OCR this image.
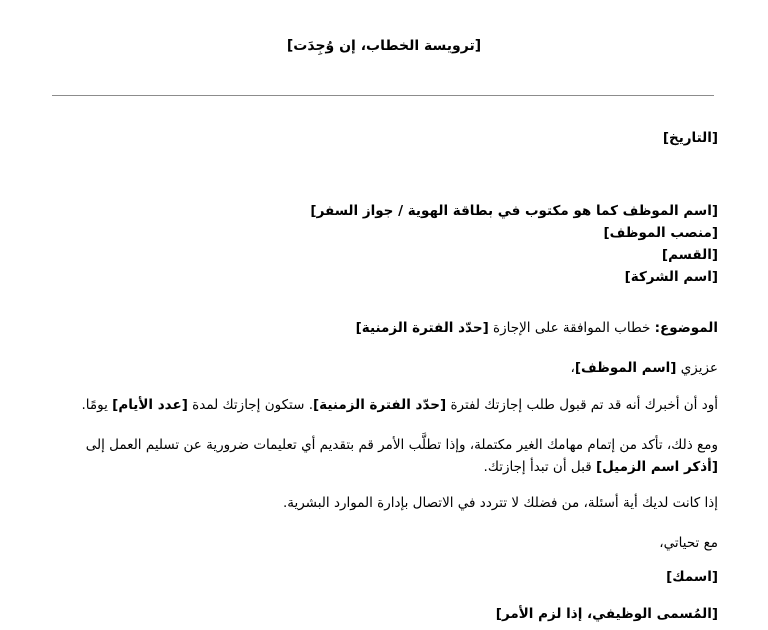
[ترويسة الخطاب، إن وُجِدَت]
[التاريخ]
[اسم الموظف كما هو مكتوب في بطاقة الهوية / جواز السفر]
[منصب الموظف]
[القسم]
[اسم الشركة]
الموضوع: خطاب الموافقة على الإجازة [حدّد الفترة الزمنية]
عزيزي [اسم الموظف]،
أود أن أخبرك أنه قد تم قبول طلب إجازتك لفترة [حدّد الفترة الزمنية]. ستكون إجازتك لمدة [عدد الأيام] يومًا.
ومع ذلك، تأكد من إتمام مهامك الغير مكتملة، وإذا تطلَّب الأمر قم بتقديم أي تعليمات ضرورية عن تسليم العمل إلى [أذكر اسم الزميل] قبل أن تبدأ إجازتك.
إذا كانت لديك أية أسئلة، من فضلك لا تتردد في الاتصال بإدارة الموارد البشرية.
مع تحياتي،
[اسمك]
[المُسمى الوظيفي، إذا لزم الأمر]
